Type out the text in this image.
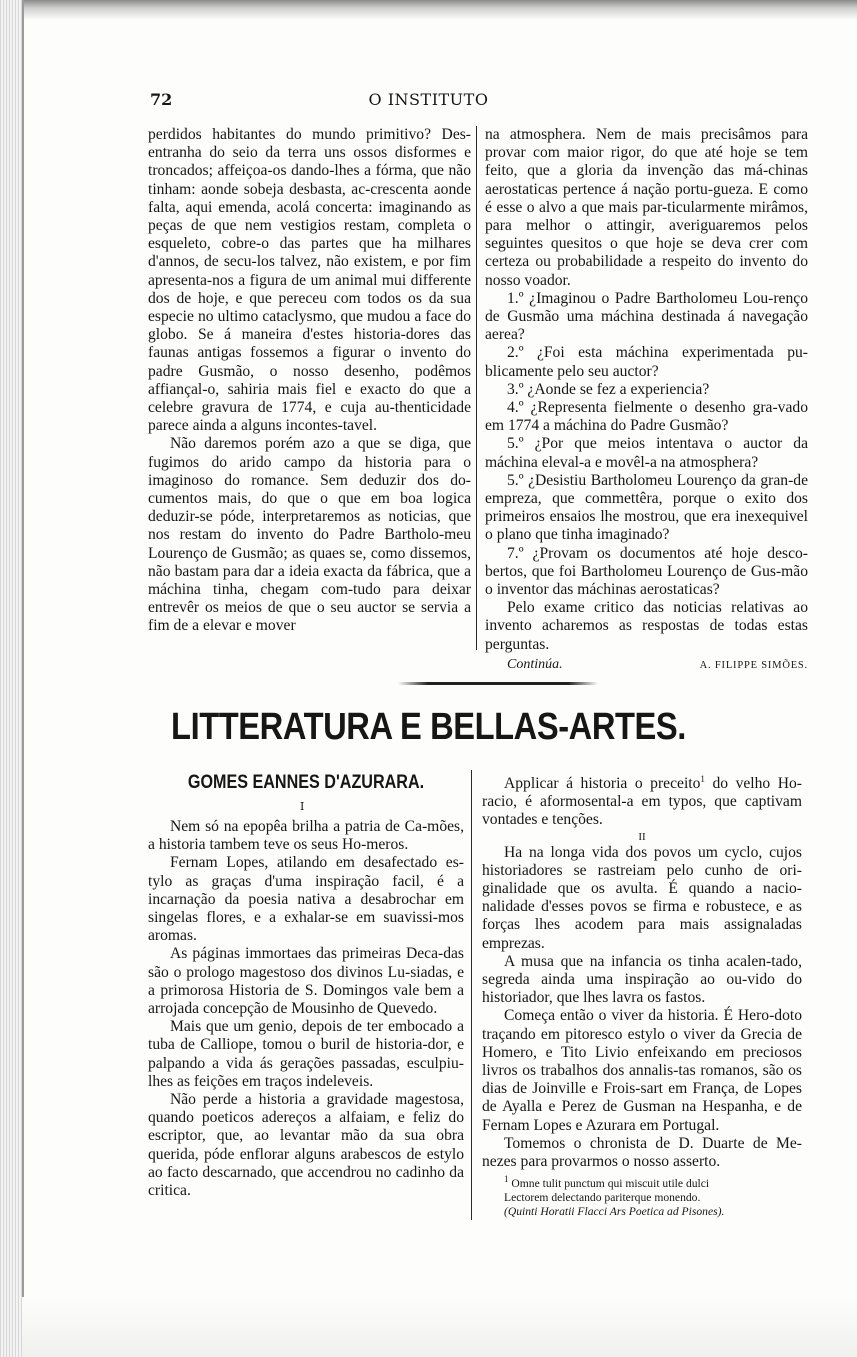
72	O INSTITUTO

perdidos habitantes do mundo primitivo? Des-entranha do seio da terra uns ossos disformes e troncados; affeiçoa-os dando-lhes a fórma, que não tinham: aonde sobeja desbasta, ac-crescenta aonde falta, aqui emenda, acolá concerta: imaginando as peças de que nem vestigios restam, completa o esqueleto, cobre-o das partes que ha milhares d'annos, de secu-los talvez, não existem, e por fim apresenta-nos a figura de um animal mui differente dos de hoje, e que pereceu com todos os da sua especie no ultimo cataclysmo, que mudou a face do globo. Se á maneira d'estes historia-dores das faunas antigas fossemos a figurar o invento do padre Gusmão, o nosso desenho, podêmos affiançal-o, sahiria mais fiel e exacto do que a celebre gravura de 1774, e cuja au-thenticidade parece ainda a alguns incontes-tavel.

Não daremos porém azo a que se diga, que fugimos do arido campo da historia para o imaginoso do romance. Sem deduzir dos do-cumentos mais, do que o que em boa logica deduzir-se póde, interpretaremos as noticias, que nos restam do invento do Padre Bartholo-meu Lourenço de Gusmão; as quaes se, como dissemos, não bastam para dar a ideia exacta da fábrica, que a máchina tinha, chegam com-tudo para deixar entrevêr os meios de que o seu auctor se servia a fim de a elevar e mover

na atmosphera. Nem de mais precisâmos para provar com maior rigor, do que até hoje se tem feito, que a gloria da invenção das má-chinas aerostaticas pertence á nação portu-gueza. E como é esse o alvo a que mais par-ticularmente mirâmos, para melhor o attingir, averiguaremos pelos seguintes quesitos o que hoje se deva crer com certeza ou probabilidade a respeito do invento do nosso voador.

1.º ¿Imaginou o Padre Bartholomeu Lou-renço de Gusmão uma máchina destinada á navegação aerea?

2.º ¿Foi esta máchina experimentada pu-blicamente pelo seu auctor?

3.º ¿Aonde se fez a experiencia?

4.º ¿Representa fielmente o desenho gra-vado em 1774 a máchina do Padre Gusmão?

5.º ¿Por que meios intentava o auctor da máchina eleval-a e movêl-a na atmosphera?

5.º ¿Desistiu Bartholomeu Lourenço da gran-de empreza, que commettêra, porque o exito dos primeiros ensaios lhe mostrou, que era inexequivel o plano que tinha imaginado?

7.º ¿Provam os documentos até hoje desco-bertos, que foi Bartholomeu Lourenço de Gus-mão o inventor das máchinas aerostaticas?

Pelo exame critico das noticias relativas ao invento acharemos as respostas de todas estas perguntas.

Continúa.	A. FILIPPE SIMÕES.
LITTERATURA E BELLAS-ARTES.
GOMES EANNES D'AZURARA.
I

Nem só na epopêa brilha a patria de Ca-mões, a historia tambem teve os seus Ho-meros.

Fernam Lopes, atilando em desafectado es-tylo as graças d'uma inspiração facil, é a incarnação da poesia nativa a desabrochar em singelas flores, e a exhalar-se em suavissi-mos aromas.

As páginas immortaes das primeiras Deca-das são o prologo magestoso dos divinos Lu-siadas, e a primorosa Historia de S. Domingos vale bem a arrojada concepção de Mousinho de Quevedo.

Mais que um genio, depois de ter embocado a tuba de Calliope, tomou o buril de historia-dor, e palpando a vida ás gerações passadas, esculpiu-lhes as feições em traços indeleveis.

Não perde a historia a gravidade magestosa, quando poeticos adereços a alfaiam, e feliz do escriptor, que, ao levantar mão da sua obra querida, póde enflorar alguns arabescos de estylo ao facto descarnado, que accendrou no cadinho da critica.

Applicar á historia o preceito$^1$ do velho Ho-racio, é aformosental-a em typos, que captivam vontades e tenções.

II

Ha na longa vida dos povos um cyclo, cujos historiadores se rastreiam pelo cunho de ori-ginalidade que os avulta. É quando a nacio-nalidade d'esses povos se firma e robustece, e as forças lhes acodem para mais assignaladas emprezas.

A musa que na infancia os tinha acalen-tado, segreda ainda uma inspiração ao ou-vido do historiador, que lhes lavra os fastos.

Começa então o viver da historia. É Hero-doto traçando em pitoresco estylo o viver da Grecia de Homero, e Tito Livio enfeixando em preciosos livros os trabalhos dos annalis-tas romanos, são os dias de Joinville e Frois-sart em França, de Lopes de Ayalla e Perez de Gusman na Hespanha, e de Fernam Lopes e Azurara em Portugal.

Tomemos o chronista de D. Duarte de Me-nezes para provarmos o nosso asserto.

$^1$ Omne tulit punctum qui miscuit utile dulci
Lectorem delectando pariterque monendo.
(Quinti Horatii Flacci Ars Poetica ad Pisones).
